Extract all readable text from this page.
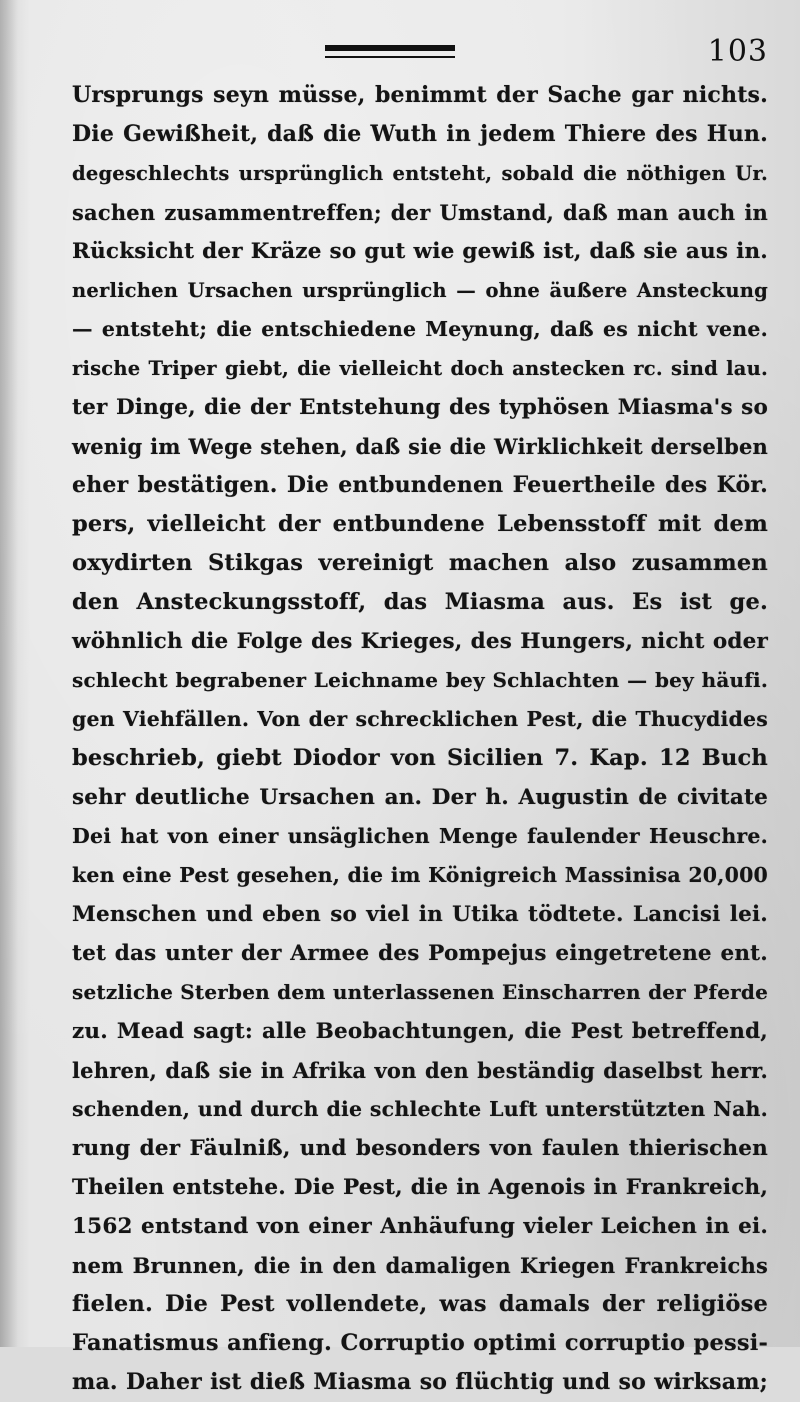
103
Ursprungs seyn müsse, benimmt der Sache gar nichts.
Die Gewißheit, daß die Wuth in jedem Thiere des Hun.
degeschlechts ursprünglich entsteht, sobald die nöthigen Ur.
sachen zusammentreffen; der Umstand, daß man auch in
Rücksicht der Kräze so gut wie gewiß ist, daß sie aus in.
nerlichen Ursachen ursprünglich — ohne äußere Ansteckung
— entsteht; die entschiedene Meynung, daß es nicht vene.
rische Triper giebt, die vielleicht doch anstecken rc. sind lau.
ter Dinge, die der Entstehung des typhösen Miasma's so
wenig im Wege stehen, daß sie die Wirklichkeit derselben
eher bestätigen. Die entbundenen Feuertheile des Kör.
pers, vielleicht der entbundene Lebensstoff mit dem
oxydirten Stikgas vereinigt machen also zusammen
den Ansteckungsstoff, das Miasma aus. Es ist ge.
wöhnlich die Folge des Krieges, des Hungers, nicht oder
schlecht begrabener Leichname bey Schlachten — bey häufi.
gen Viehfällen. Von der schrecklichen Pest, die Thucydides
beschrieb, giebt Diodor von Sicilien 7. Kap. 12 Buch
sehr deutliche Ursachen an. Der h. Augustin de civitate
Dei hat von einer unsäglichen Menge faulender Heuschre.
ken eine Pest gesehen, die im Königreich Massinisa 20,000
Menschen und eben so viel in Utika tödtete. Lancisi lei.
tet das unter der Armee des Pompejus eingetretene ent.
setzliche Sterben dem unterlassenen Einscharren der Pferde
zu. Mead sagt: alle Beobachtungen, die Pest betreffend,
lehren, daß sie in Afrika von den beständig daselbst herr.
schenden, und durch die schlechte Luft unterstützten Nah.
rung der Fäulniß, und besonders von faulen thierischen
Theilen entstehe. Die Pest, die in Agenois in Frankreich,
1562 entstand von einer Anhäufung vieler Leichen in ei.
nem Brunnen, die in den damaligen Kriegen Frankreichs
fielen. Die Pest vollendete, was damals der religiöse
Fanatismus anfieng. Corruptio optimi corruptio pessi-
ma. Daher ist dieß Miasma so flüchtig und so wirksam;
